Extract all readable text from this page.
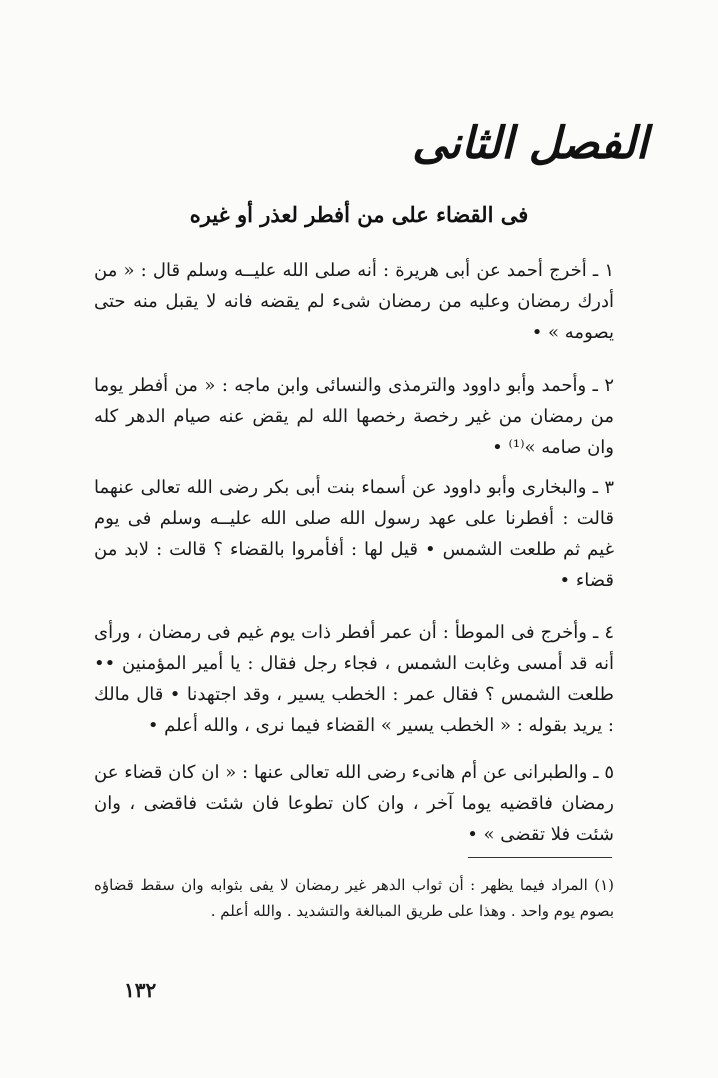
الفصل الثانى
فى القضاء على من أفطر لعذر أو غيره

١ ـ أخرج أحمد عن أبى هريرة : أنه صلى الله عليــه وسلم قال : « من أدرك رمضان وعليه من رمضان شىء لم يقضه فانه لا يقبل منه حتى يصومه » •

٢ ـ وأحمد وأبو داوود والترمذى والنسائى وابن ماجه : « من أفطر يوما من رمضان من غير رخصة رخصها الله لم يقض عنه صيام الدهر كله وان صامه »⁽¹⁾ •

٣ ـ والبخارى وأبو داوود عن أسماء بنت أبى بكر رضى الله تعالى عنهما قالت : أفطرنا على عهد رسول الله صلى الله عليــه وسلم فى يوم غيم ثم طلعت الشمس • قيل لها : أفأمروا بالقضاء ؟ قالت : لابد من قضاء •

٤ ـ وأخرج فى الموطأ : أن عمر أفطر ذات يوم غيم فى رمضان ، ورأى أنه قد أمسى وغابت الشمس ، فجاء رجل فقال : يا أمير المؤمنين •• طلعت الشمس ؟ فقال عمر : الخطب يسير ، وقد اجتهدنا • قال مالك : يريد بقوله : « الخطب يسير » القضاء فيما نرى ، والله أعلم •

٥ ـ والطبرانى عن أم هانىء رضى الله تعالى عنها : « ان كان قضاء عن رمضان فاقضيه يوما آخر ، وان كان تطوعا فان شئت فاقضى ، وان شئت فلا تقضى » •

(١) المراد فيما يظهر : أن ثواب الدهر غير رمضان لا يفى بثوابه وان سقط قضاؤه بصوم يوم واحد . وهذا على طريق المبالغة والتشديد . والله أعلم .
١٣٢
